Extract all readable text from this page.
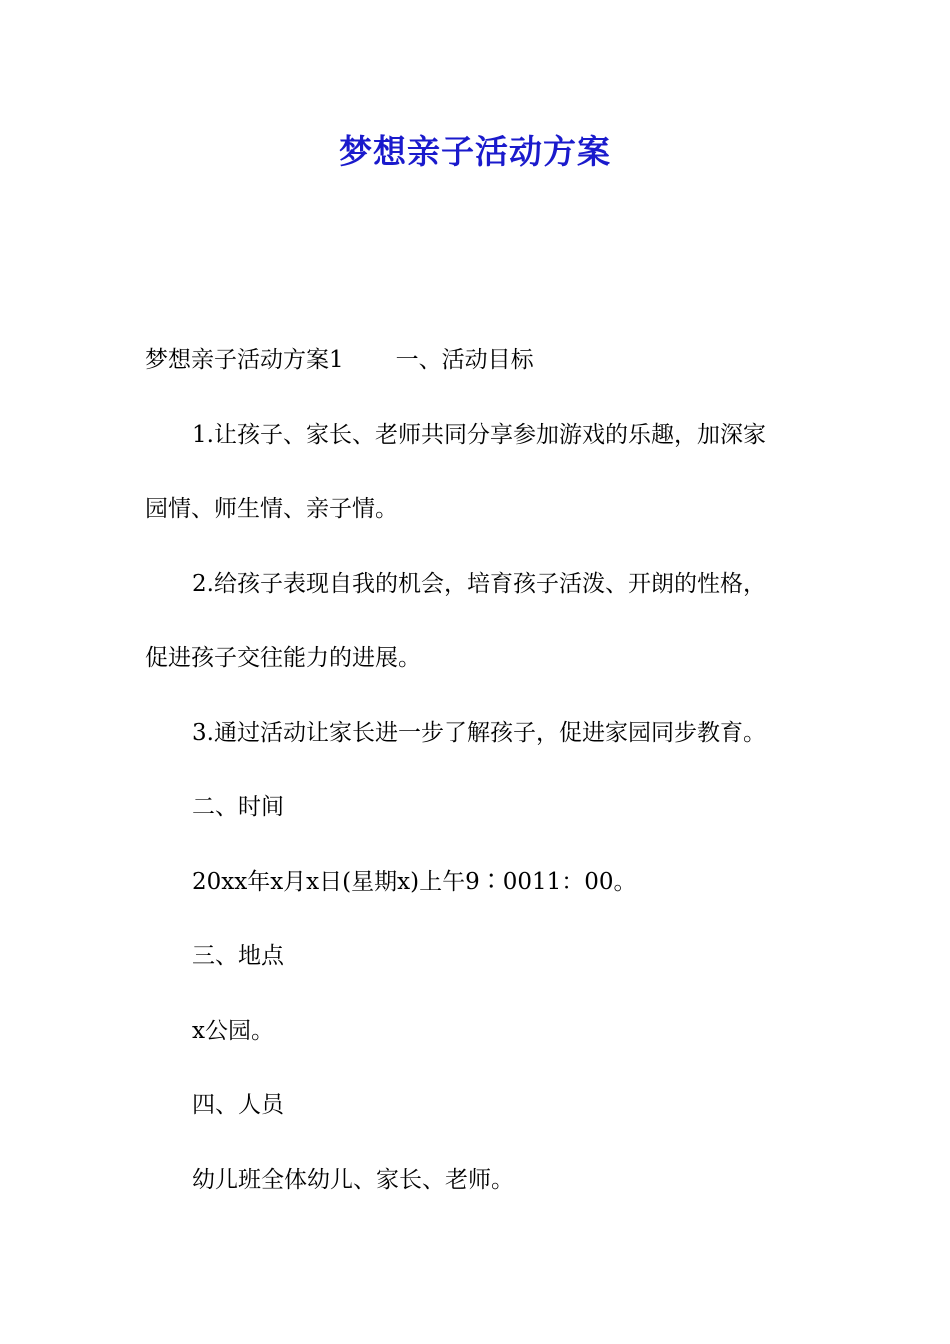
梦想亲子活动方案

梦想亲子活动方案1 一、活动目标

1.让孩子、家长、老师共同分享参加游戏的乐趣，加深家

园情、师生情、亲子情。

2.给孩子表现自我的机会，培育孩子活泼、开朗的性格，

促进孩子交往能力的进展。

3.通过活动让家长进一步了解孩子，促进家园同步教育。

二、时间

20xx年x月x日(星期x)上午9∶0011：00。

三、地点

x公园。

四、人员

幼儿班全体幼儿、家长、老师。
